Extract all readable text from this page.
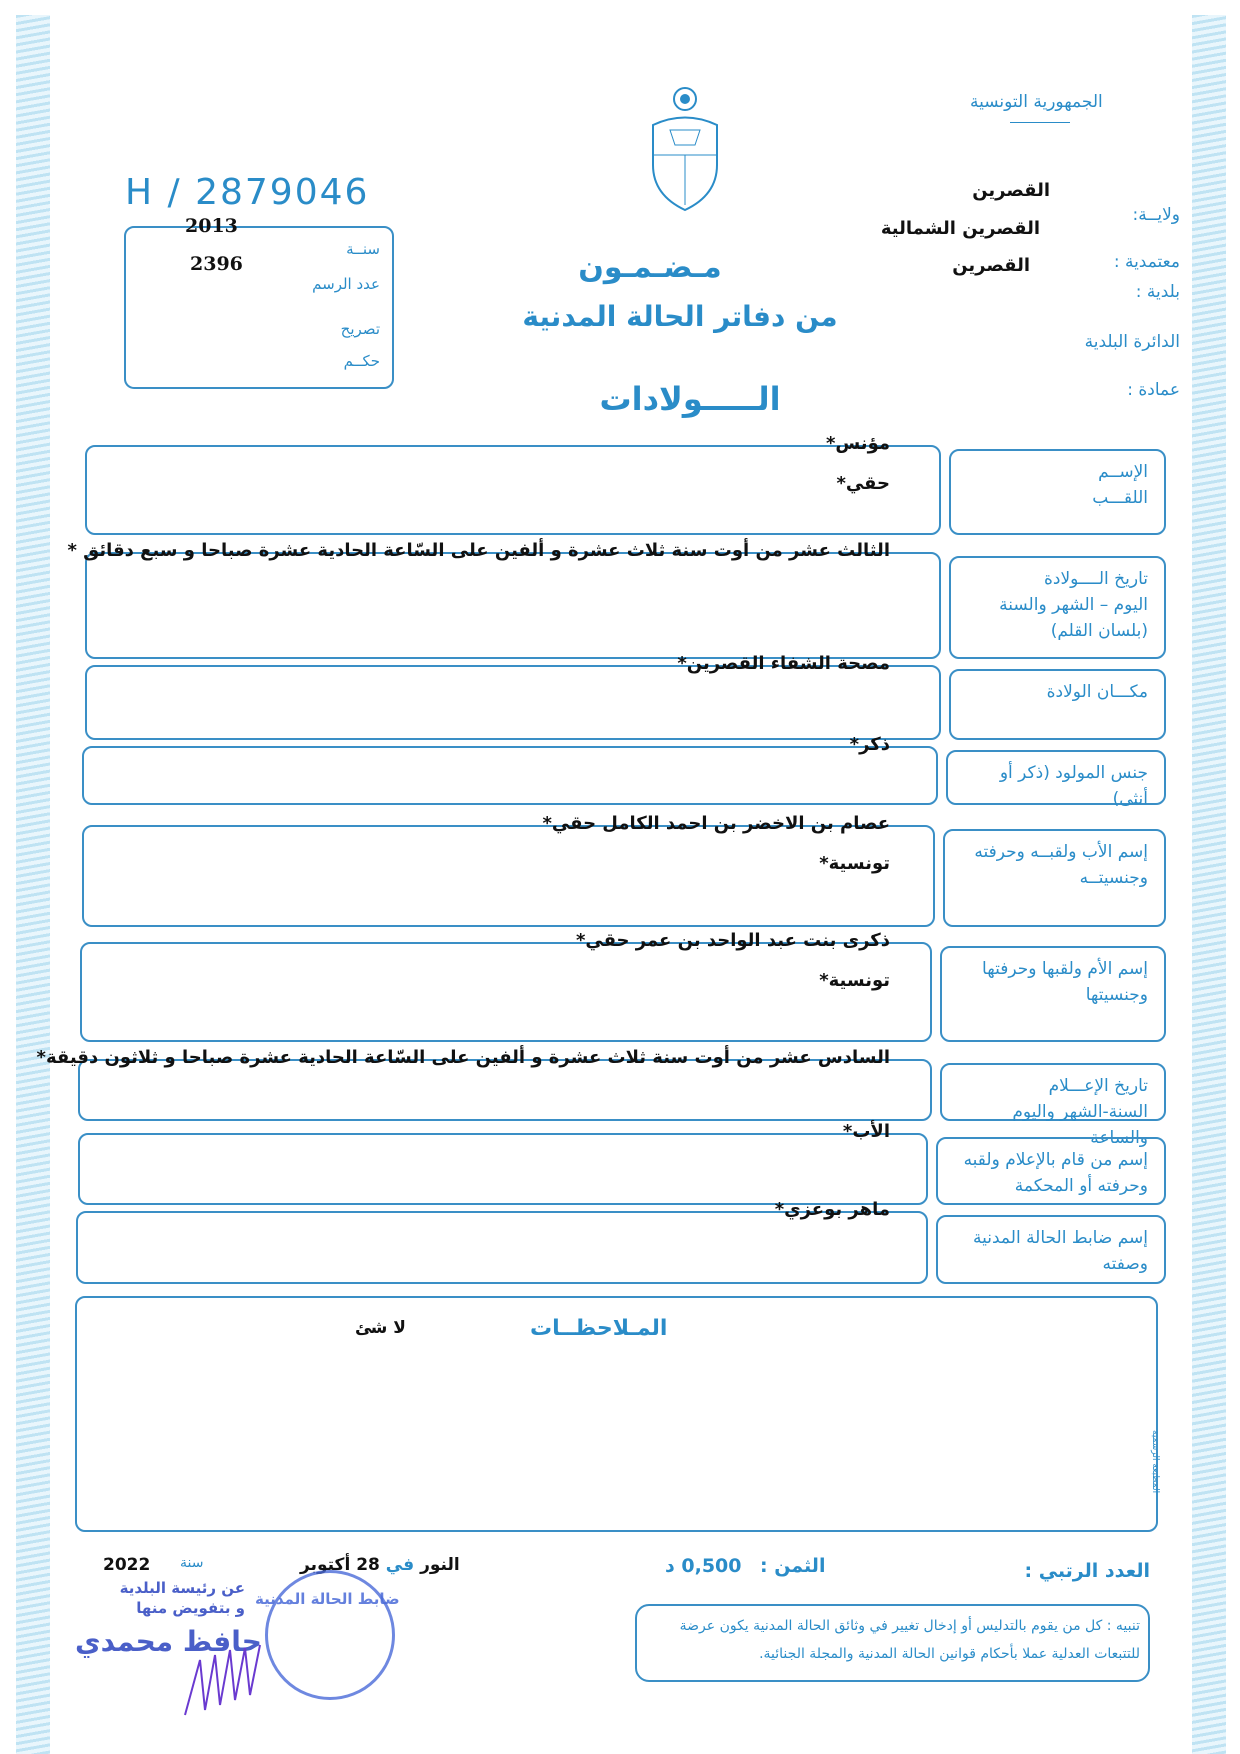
الجمهورية التونسية
H / 2879046
2013
2396
سنــة
عدد الرسم
تصريح
حكــم
مـضـمـون
من دفاتر الحالة المدنية
الـــــولادات
القصرين
القصرين الشمالية
القصرين
ولايــة:
معتمدية :
بلدية :
الدائرة البلدية
عمادة :
الإســم
اللقـــب
مؤنس*
حقي*
تاريخ الــــولادة
اليوم – الشهر والسنة
(بلسان القلم)
الثالث عشر من أوت سنة ثلاث عشرة و ألفين على السّاعة الحادية عشرة صباحا و سبع دقائق *
مكـــان الولادة
مصحة الشفاء القصرين*
جنس المولود (ذكر أو أنثى)
ذكر*
إسم الأب ولقبــه وحرفته
وجنسيتــه
عصام بن الاخضر بن احمد الكامل حقي*
تونسية*
إسم الأم ولقبها وحرفتها
وجنسيتها
ذكرى بنت عبد الواحد بن عمر حقي*
تونسية*
تاريخ الإعـــلام
السنة-الشهر واليوم والساعة
السادس عشر من أوت سنة ثلاث عشرة و ألفين على السّاعة الحادية عشرة صباحا و ثلاثون دقيقة*
إسم من قام بالإعلام ولقبه
وحرفته أو المحكمة
الأب*
إسم ضابط الحالة المدنية
وصفته
ماهر بوعزي*
المـلاحظــات
لا شئ
المطبعة الرسمية
العدد الرتبي :
الثمن :
0,500 د
النور في 28 أكتوبر
سنة
2022
عن رئيسة البلدية
و بتفويض منها
حافظ محمدي
ضابط الحالة المدنية
تنبيه : كل من يقوم بالتدليس أو إدخال تغيير في وثائق الحالة المدنية يكون عرضة للتتبعات العدلية عملا بأحكام قوانين الحالة المدنية والمجلة الجنائية.
